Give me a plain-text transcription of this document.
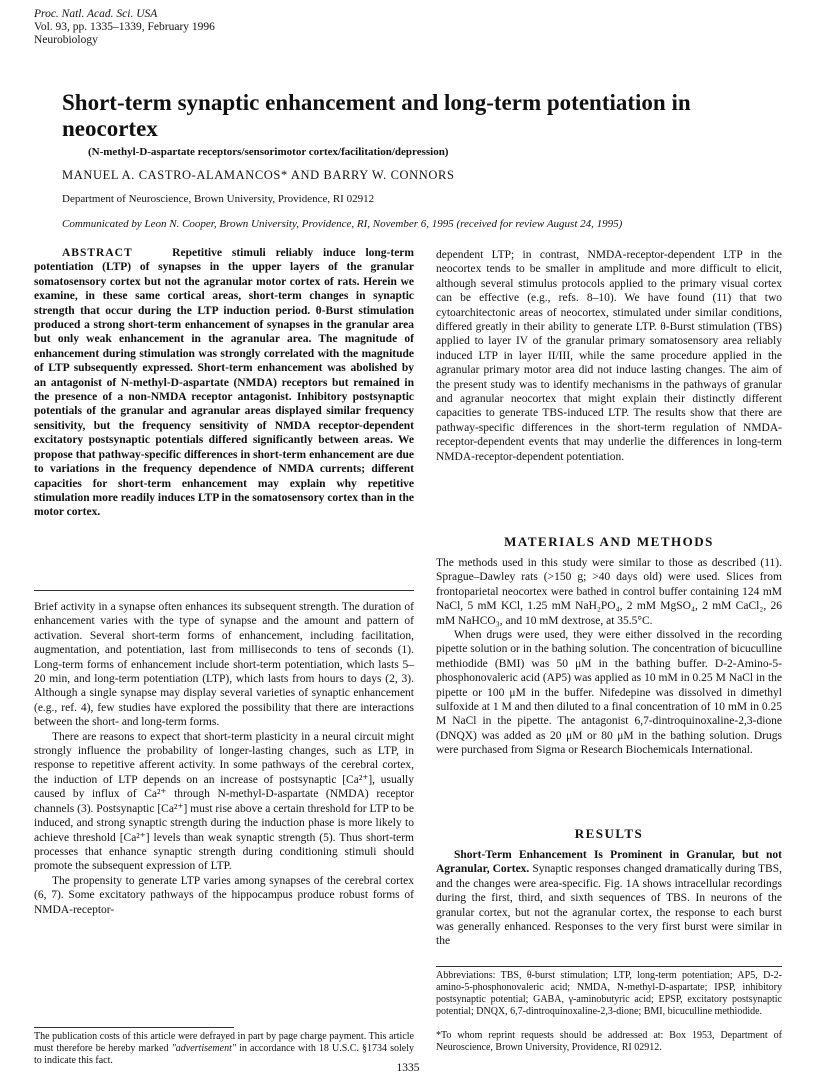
Proc. Natl. Acad. Sci. USA
Vol. 93, pp. 1335–1339, February 1996
Neurobiology
Short-term synaptic enhancement and long-term potentiation in neocortex
(N-methyl-D-aspartate receptors/sensorimotor cortex/facilitation/depression)
MANUEL A. CASTRO-ALAMANCOS* AND BARRY W. CONNORS
Department of Neuroscience, Brown University, Providence, RI 02912
Communicated by Leon N. Cooper, Brown University, Providence, RI, November 6, 1995 (received for review August 24, 1995)

ABSTRACT	Repetitive stimuli reliably induce long-term potentiation (LTP) of synapses in the upper layers of the granular somatosensory cortex but not the agranular motor cortex of rats. Herein we examine, in these same cortical areas, short-term changes in synaptic strength that occur during the LTP induction period. θ-Burst stimulation produced a strong short-term enhancement of synapses in the granular area but only weak enhancement in the agranular area. The magnitude of enhancement during stimulation was strongly correlated with the magnitude of LTP subsequently expressed. Short-term enhancement was abolished by an antagonist of N-methyl-D-aspartate (NMDA) receptors but remained in the presence of a non-NMDA receptor antagonist. Inhibitory postsynaptic potentials of the granular and agranular areas displayed similar frequency sensitivity, but the frequency sensitivity of NMDA receptor-dependent excitatory postsynaptic potentials differed significantly between areas. We propose that pathway-specific differences in short-term enhancement are due to variations in the frequency dependence of NMDA currents; different capacities for short-term enhancement may explain why repetitive stimulation more readily induces LTP in the somatosensory cortex than in the motor cortex.

Brief activity in a synapse often enhances its subsequent strength. The duration of enhancement varies with the type of synapse and the amount and pattern of activation. Several short-term forms of enhancement, including facilitation, augmentation, and potentiation, last from milliseconds to tens of seconds (1). Long-term forms of enhancement include short-term potentiation, which lasts 5–20 min, and long-term potentiation (LTP), which lasts from hours to days (2, 3). Although a single synapse may display several varieties of synaptic enhancement (e.g., ref. 4), few studies have explored the possibility that there are interactions between the short- and long-term forms.

There are reasons to expect that short-term plasticity in a neural circuit might strongly influence the probability of longer-lasting changes, such as LTP, in response to repetitive afferent activity. In some pathways of the cerebral cortex, the induction of LTP depends on an increase of postsynaptic [Ca²⁺], usually caused by influx of Ca²⁺ through N-methyl-D-aspartate (NMDA) receptor channels (3). Postsynaptic [Ca²⁺] must rise above a certain threshold for LTP to be induced, and strong synaptic strength during the induction phase is more likely to achieve threshold [Ca²⁺] levels than weak synaptic strength (5). Thus short-term processes that enhance synaptic strength during conditioning stimuli should promote the subsequent expression of LTP.

The propensity to generate LTP varies among synapses of the cerebral cortex (6, 7). Some excitatory pathways of the hippocampus produce robust forms of NMDA-receptor-

The publication costs of this article were defrayed in part by page charge payment. This article must therefore be hereby marked "advertisement" in accordance with 18 U.S.C. §1734 solely to indicate this fact.

dependent LTP; in contrast, NMDA-receptor-dependent LTP in the neocortex tends to be smaller in amplitude and more difficult to elicit, although several stimulus protocols applied to the primary visual cortex can be effective (e.g., refs. 8–10). We have found (11) that two cytoarchitectonic areas of neocortex, stimulated under similar conditions, differed greatly in their ability to generate LTP. θ-Burst stimulation (TBS) applied to layer IV of the granular primary somatosensory area reliably induced LTP in layer II/III, while the same procedure applied in the agranular primary motor area did not induce lasting changes. The aim of the present study was to identify mechanisms in the pathways of granular and agranular neocortex that might explain their distinctly different capacities to generate TBS-induced LTP. The results show that there are pathway-specific differences in the short-term regulation of NMDA-receptor-dependent events that may underlie the differences in long-term NMDA-receptor-dependent potentiation.

MATERIALS AND METHODS

The methods used in this study were similar to those as described (11). Sprague–Dawley rats (>150 g; >40 days old) were used. Slices from frontoparietal neocortex were bathed in control buffer containing 124 mM NaCl, 5 mM KCl, 1.25 mM NaH₂PO₄, 2 mM MgSO₄, 2 mM CaCl₂, 26 mM NaHCO₃, and 10 mM dextrose, at 35.5°C.

When drugs were used, they were either dissolved in the recording pipette solution or in the bathing solution. The concentration of bicuculline methiodide (BMI) was 50 μM in the bathing buffer. D-2-Amino-5-phosphonovaleric acid (AP5) was applied as 10 mM in 0.25 M NaCl in the pipette or 100 μM in the buffer. Nifedepine was dissolved in dimethyl sulfoxide at 1 M and then diluted to a final concentration of 10 mM in 0.25 M NaCl in the pipette. The antagonist 6,7-dintroquinoxaline-2,3-dione (DNQX) was added as 20 μM or 80 μM in the bathing solution. Drugs were purchased from Sigma or Research Biochemicals International.

RESULTS

Short-Term Enhancement Is Prominent in Granular, but not Agranular, Cortex. Synaptic responses changed dramatically during TBS, and the changes were area-specific. Fig. 1A shows intracellular recordings during the first, third, and sixth sequences of TBS. In neurons of the granular cortex, but not the agranular cortex, the response to each burst was generally enhanced. Responses to the very first burst were similar in the

Abbreviations: TBS, θ-burst stimulation; LTP, long-term potentiation; AP5, D-2-amino-5-phosphonovaleric acid; NMDA, N-methyl-D-aspartate; IPSP, inhibitory postsynaptic potential; GABA, γ-aminobutyric acid; EPSP, excitatory postsynaptic potential; DNQX, 6,7-dintroquinoxaline-2,3-dione; BMI, bicuculline methiodide.

*To whom reprint requests should be addressed at: Box 1953, Department of Neuroscience, Brown University, Providence, RI 02912.

1335
